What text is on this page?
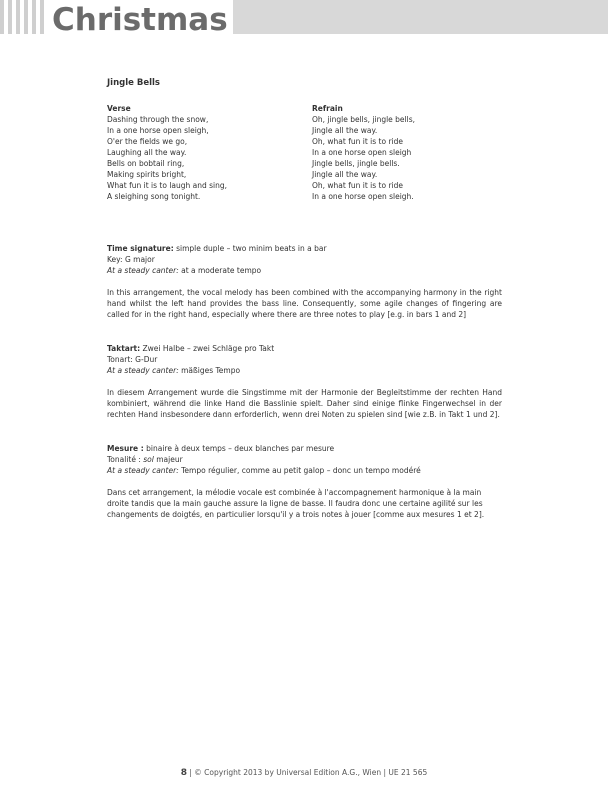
Christmas
Jingle Bells
Verse
Dashing through the snow,
In a one horse open sleigh,
O'er the fields we go,
Laughing all the way.
Bells on bobtail ring,
Making spirits bright,
What fun it is to laugh and sing,
A sleighing song tonight.
Refrain
Oh, jingle bells, jingle bells,
Jingle all the way.
Oh, what fun it is to ride
In a one horse open sleigh
Jingle bells, jingle bells.
Jingle all the way.
Oh, what fun it is to ride
In a one horse open sleigh.
Time signature: simple duple – two minim beats in a bar
Key: G major
At a steady canter: at a moderate tempo
In this arrangement, the vocal melody has been combined with the accompanying harmony in the right hand whilst the left hand provides the bass line. Consequently, some agile changes of fingering are called for in the right hand, especially where there are three notes to play [e.g. in bars 1 and 2]
Taktart: Zwei Halbe – zwei Schläge pro Takt
Tonart: G-Dur
At a steady canter: mäßiges Tempo
In diesem Arrangement wurde die Singstimme mit der Harmonie der Begleitstimme der rechten Hand kombiniert, während die linke Hand die Basslinie spielt. Daher sind einige flinke Fingerwechsel in der rechten Hand insbesondere dann erforderlich, wenn drei Noten zu spielen sind [wie z.B. in Takt 1 und 2].
Mesure : binaire à deux temps – deux blanches par mesure
Tonalité : sol majeur
At a steady canter: Tempo régulier, comme au petit galop – donc un tempo modéré
Dans cet arrangement, la mélodie vocale est combinée à l'accompagnement harmonique à la main
droite tandis que la main gauche assure la ligne de basse. Il faudra donc une certaine agilité sur les
changements de doigtés, en particulier lorsqu'il y a trois notes à jouer [comme aux mesures 1 et 2].
8 | © Copyright 2013 by Universal Edition A.G., Wien | UE 21 565
